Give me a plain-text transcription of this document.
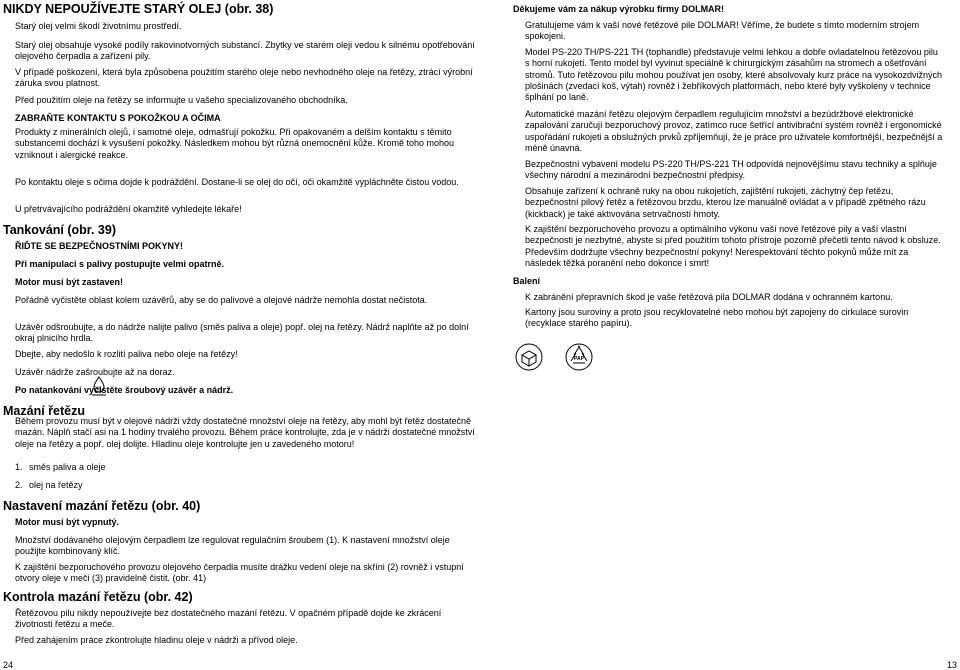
NIKDY NEPOUŽÍVEJTE STARÝ OLEJ (obr. 38)

Starý olej velmi škodí životnímu prostředí.

Starý olej obsahuje vysoké podíly rakovinotvorných substancí. Zbytky ve starém oleji vedou k silnému opotřebování olejového čerpadla a zařízení pily.

V případě poškození, která byla způsobena použitím starého oleje nebo nevhodného oleje na řetězy, ztrácí výrobní záruka svou platnost.

Před použitím oleje na řetězy se informujte u vašeho specializovaného obchodníka.

ZABRAŇTE KONTAKTU S POKOŽKOU A OČIMA

Produkty z minerálních olejů, i samotné oleje, odmašťují pokožku. Při opakovaném a delším kontaktu s těmito substancemi dochází k vysušení pokožky. Následkem mohou být různá onemocnění kůže. Kromě toho mohou vzniknout i alergické reakce.

Po kontaktu oleje s očima dojde k podráždění. Dostane-li se olej do očí, oči okamžitě vypláchněte čistou vodou.

U přetrvávajícího podráždění okamžitě vyhledejte lékaře!

Tankování (obr. 39)

ŘIĎTE SE BEZPEČNOSTNÍMI POKYNY!

Při manipulaci s palivy postupujte velmi opatrně.

Motor musí být zastaven!

Pořádně vyčistěte oblast kolem uzávěrů, aby se do palivové a olejové nádrže nemohla dostat nečistota.

Uzávěr odšroubujte, a do nádrže nalijte palivo (směs paliva a oleje) popř. olej na řetězy. Nádrž naplňte až po dolní okraj plnicího hrdla.

Dbejte, aby nedošlo k rozlití paliva nebo oleje na řetězy!

Uzávěr nádrže zašroubujte až na doraz.

Po natankování vyčistěte šroubový uzávěr a nádrž.

Mazání řetězu

Během provozu musí být v olejové nádrži vždy dostatečné množství oleje na řetězy, aby mohl být řetěz dostatečně mazán. Náplň stačí asi na 1 hodiny trvalého provozu. Během práce kontrolujte, zda je v nádrži dostatečné množství oleje na řetězy a popř. olej dolijte. Hladinu oleje kontrolujte jen u zavedeného motoru!

1. směs paliva a oleje

2. olej na řetězy

Nastavení mazání řetězu (obr. 40)

Motor musí být vypnutý.

Množství dodávaného olejovým čerpadlem lze regulovat regulačním šroubem (1). K nastavení množství oleje použijte kombinovaný klíč.

K zajištění bezporuchového provozu olejového čerpadla musíte drážku vedení oleje na skříni (2) rovněž i vstupní otvory oleje v meči (3) pravidelně čistit. (obr. 41)

Kontrola mazání řetězu (obr. 42)

Řetězovou pilu nikdy nepoužívejte bez dostatečného mazání řetězu. V opačném případě dojde ke zkrácení životnosti řetězu a meče.

Před zahájením práce zkontrolujte hladinu oleje v nádrži a přívod oleje.

Děkujeme vám za nákup výrobku firmy DOLMAR!

Gratulujeme vám k vaší nové řetězové pile DOLMAR! Věříme, že budete s tímto moderním strojem spokojeni.

Model PS-220 TH/PS-221 TH (tophandle) představuje velmi lehkou a dobře ovladatelnou řetězovou pilu s horní rukojetí. Tento model byl vyvinut speciálně k chirurgickým zásahům na stromech a ošetřování stromů. Tuto řetězovou pilu mohou používat jen osoby, které absolvovaly kurz práce na vysokozdvižných plošinách (zvedací koš, výtah) rovněž i žebříkových platformách, nebo které byly vyškoleny v technice šplhání po laně.

Automatické mazání řetězu olejovým čerpadlem regulujícím množství a bezúdržbové elektronické zapalování zaručují bezporuchový provoz, zatímco ruce šetřící antivibrační systém rovněž i ergonomické uspořádání rukojeti a obslužných prvků zpříjemňují, že je práce pro uživatele komfortnější, bezpečnější a méně únavná.

Bezpečnostní vybavení modelu PS-220 TH/PS-221 TH odpovídá nejnovějšímu stavu techniky a splňuje všechny národní a mezinárodní bezpečnostní předpisy.

Obsahuje zařízení k ochraně ruky na obou rukojetích, zajištění rukojeti, záchytný čep řetězu, bezpečnostní pilový řetěz a řetězovou brzdu, kterou lze manuálně ovládat a v případě zpětného rázu (kickback) je také aktivována setrvačností hmoty.

K zajištění bezporuchového provozu a optimálního výkonu vaší nové řetězové pily a vaší vlastní bezpečnosti je nezbytné, abyste si před použitím tohoto přístroje pozorně přečetli tento návod k obsluze. Především dodržujte všechny bezpečnostní pokyny! Nerespektování těchto pokynů může mít za následek těžká poranění nebo dokonce i smrt!

Balení

K zabránění přepravních škod je vaše řetězová pila DOLMAR dodána v ochranném kartonu.

Kartony jsou suroviny a proto jsou recyklovatelné nebo mohou být zapojeny do cirkulace surovin (recyklace starého papíru).

PAP
24	13
